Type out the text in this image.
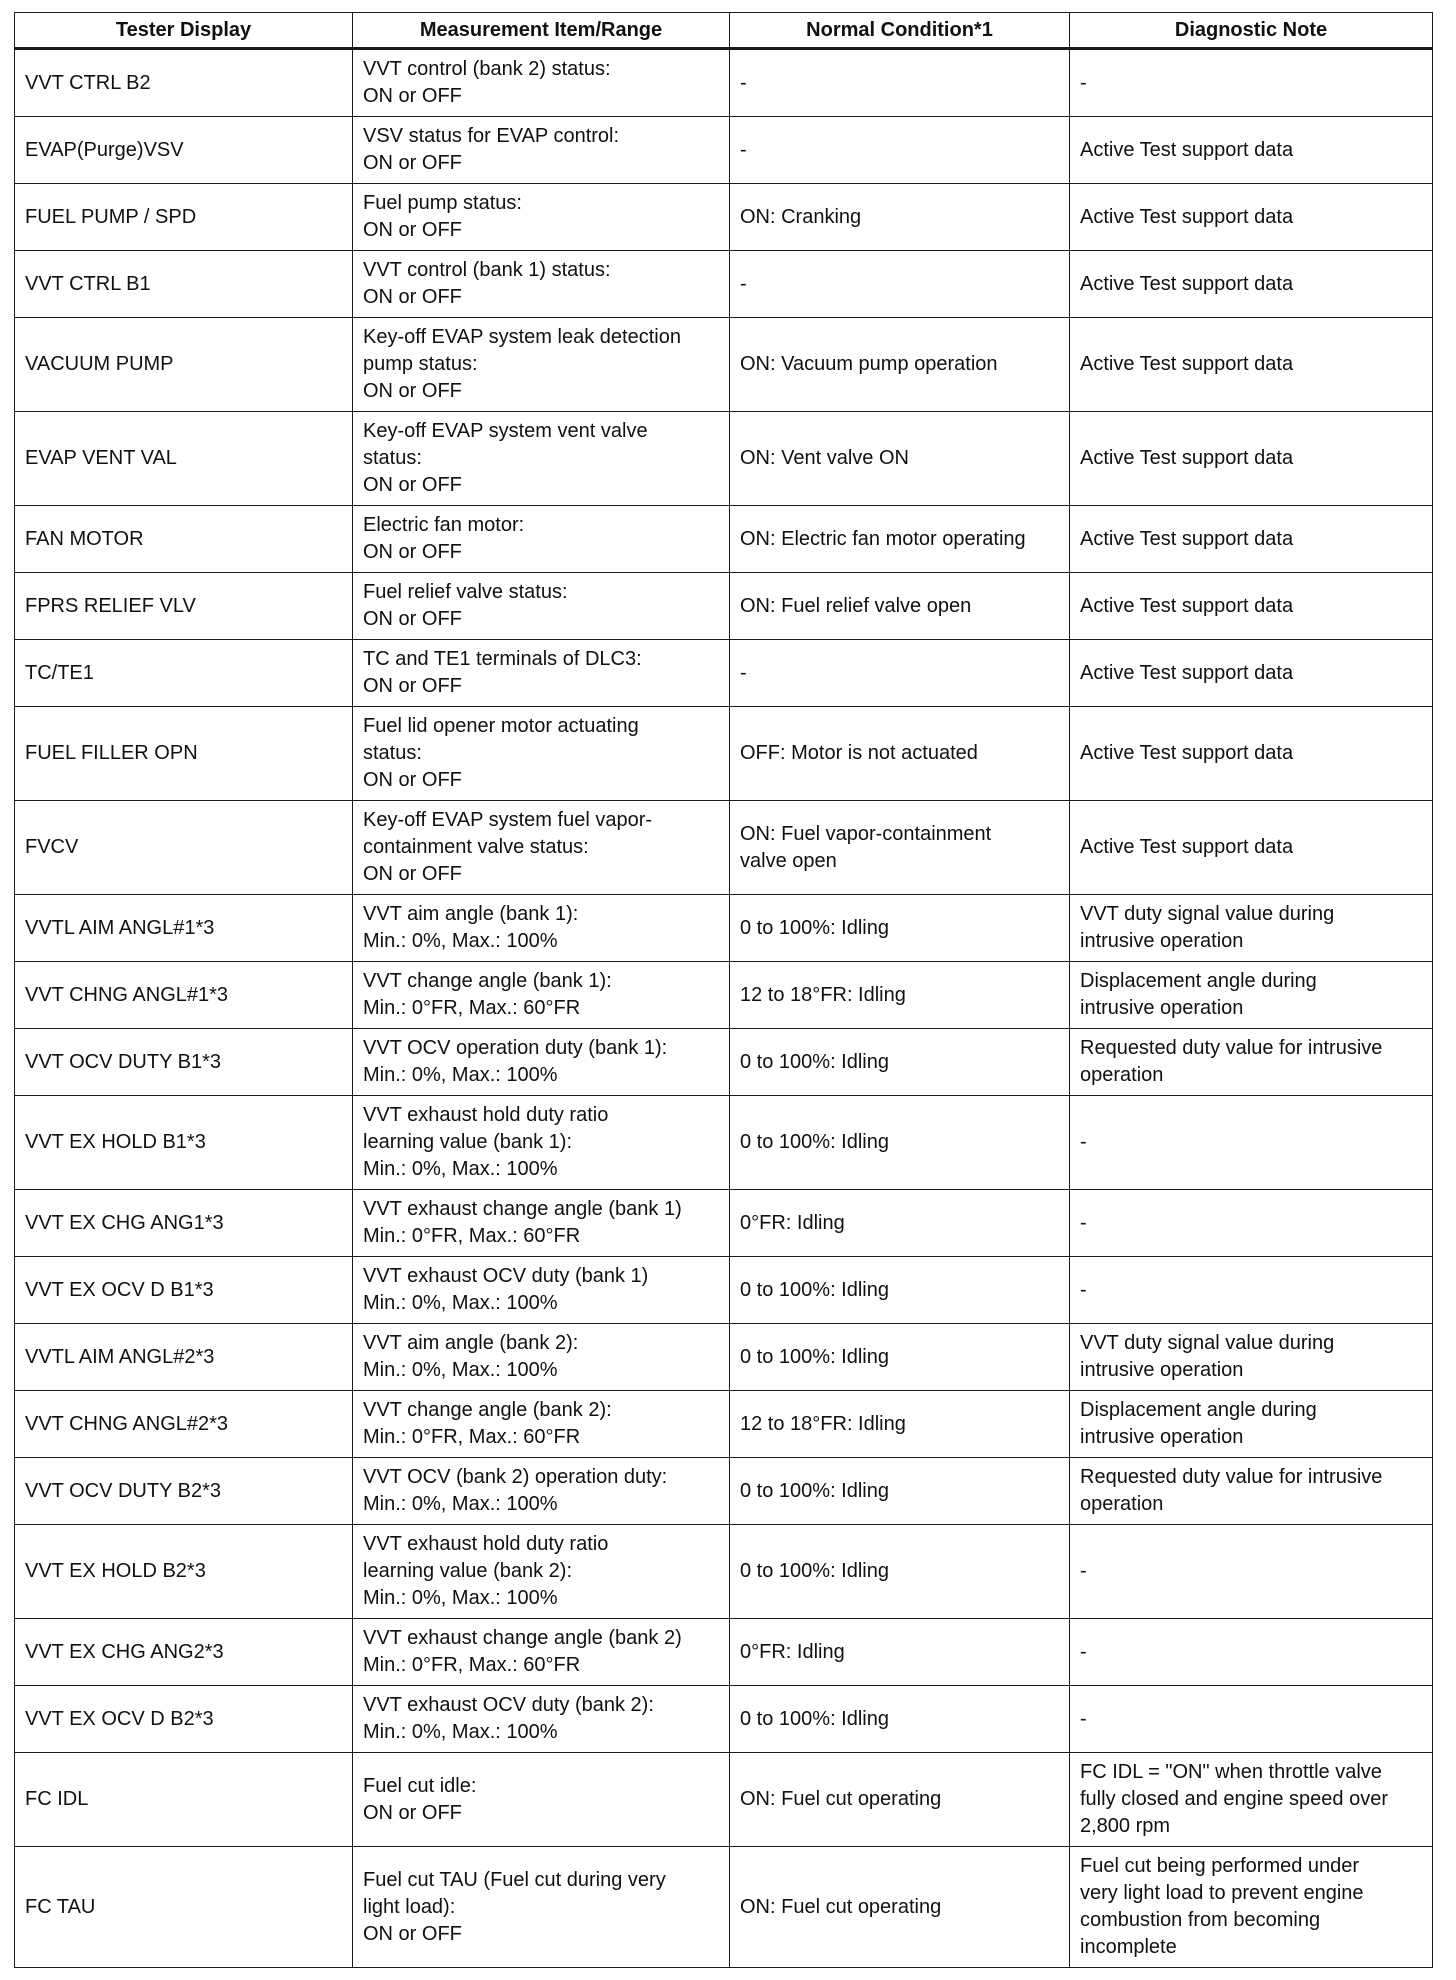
Tester Display	Measurement Item/Range	Normal Condition*1	Diagnostic Note
VVT CTRL B2	VVT control (bank 2) status:
ON or OFF	-	-

EVAP(Purge)VSV	VSV status for EVAP control:
ON or OFF	-	Active Test support data

FUEL PUMP / SPD	Fuel pump status:
ON or OFF	ON: Cranking	Active Test support data

VVT CTRL B1	VVT control (bank 1) status:
ON or OFF	-	Active Test support data

VACUUM PUMP	Key-off EVAP system leak detection
pump status:
ON or OFF	ON: Vacuum pump operation	Active Test support data

EVAP VENT VAL	Key-off EVAP system vent valve
status:
ON or OFF	ON: Vent valve ON	Active Test support data

FAN MOTOR	Electric fan motor:
ON or OFF	ON: Electric fan motor operating	Active Test support data

FPRS RELIEF VLV	Fuel relief valve status:
ON or OFF	ON: Fuel relief valve open	Active Test support data

TC/TE1	TC and TE1 terminals of DLC3:
ON or OFF	-	Active Test support data

FUEL FILLER OPN	Fuel lid opener motor actuating
status:
ON or OFF	OFF: Motor is not actuated	Active Test support data

FVCV	Key-off EVAP system fuel vapor-
containment valve status:
ON or OFF	ON: Fuel vapor-containment
valve open	Active Test support data

VVTL AIM ANGL#1*3	VVT aim angle (bank 1):
Min.: 0%, Max.: 100%	0 to 100%: Idling	VVT duty signal value during
intrusive operation

VVT CHNG ANGL#1*3	VVT change angle (bank 1):
Min.: 0°FR, Max.: 60°FR	12 to 18°FR: Idling	Displacement angle during
intrusive operation

VVT OCV DUTY B1*3	VVT OCV operation duty (bank 1):
Min.: 0%, Max.: 100%	0 to 100%: Idling	Requested duty value for intrusive
operation

VVT EX HOLD B1*3	VVT exhaust hold duty ratio
learning value (bank 1):
Min.: 0%, Max.: 100%	0 to 100%: Idling	-

VVT EX CHG ANG1*3	VVT exhaust change angle (bank 1)
Min.: 0°FR, Max.: 60°FR	0°FR: Idling	-

VVT EX OCV D B1*3	VVT exhaust OCV duty (bank 1)
Min.: 0%, Max.: 100%	0 to 100%: Idling	-

VVTL AIM ANGL#2*3	VVT aim angle (bank 2):
Min.: 0%, Max.: 100%	0 to 100%: Idling	VVT duty signal value during
intrusive operation

VVT CHNG ANGL#2*3	VVT change angle (bank 2):
Min.: 0°FR, Max.: 60°FR	12 to 18°FR: Idling	Displacement angle during
intrusive operation

VVT OCV DUTY B2*3	VVT OCV (bank 2) operation duty:
Min.: 0%, Max.: 100%	0 to 100%: Idling	Requested duty value for intrusive
operation

VVT EX HOLD B2*3	VVT exhaust hold duty ratio
learning value (bank 2):
Min.: 0%, Max.: 100%	0 to 100%: Idling	-

VVT EX CHG ANG2*3	VVT exhaust change angle (bank 2)
Min.: 0°FR, Max.: 60°FR	0°FR: Idling	-

VVT EX OCV D B2*3	VVT exhaust OCV duty (bank 2):
Min.: 0%, Max.: 100%	0 to 100%: Idling	-

FC IDL	Fuel cut idle:
ON or OFF	ON: Fuel cut operating	FC IDL = "ON" when throttle valve
fully closed and engine speed over
2,800 rpm

FC TAU	Fuel cut TAU (Fuel cut during very
light load):
ON or OFF	ON: Fuel cut operating	Fuel cut being performed under
very light load to prevent engine
combustion from becoming
incomplete
